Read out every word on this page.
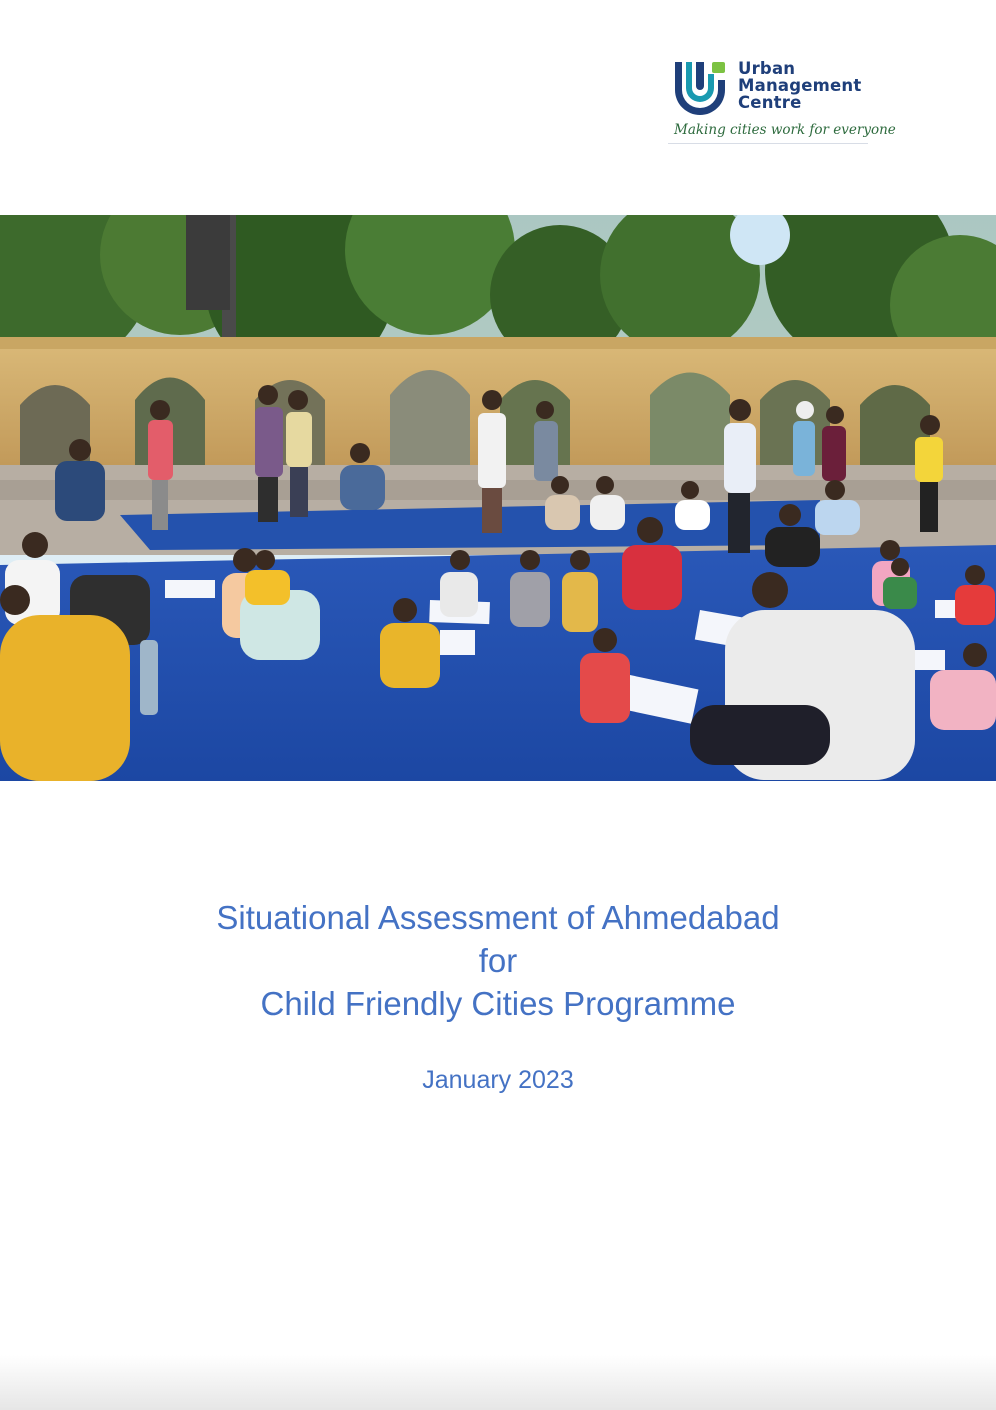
Urban
Management
Centre

Making cities work for everyone

Situational Assessment of Ahmedabad
for
Child Friendly Cities Programme
January 2023
